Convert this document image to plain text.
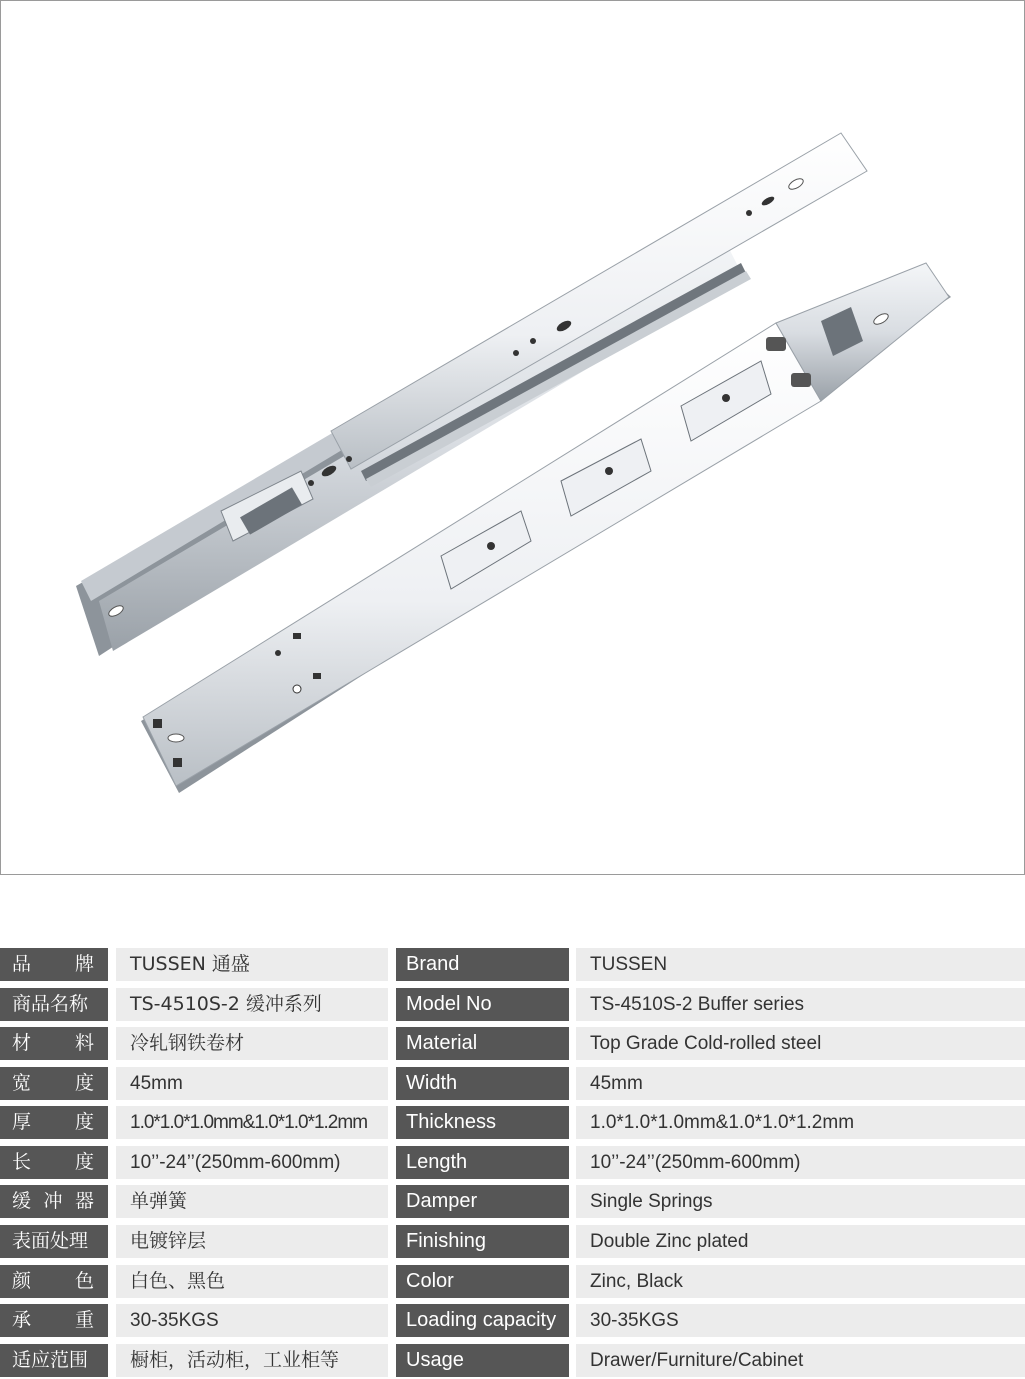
品　　牌	TUSSEN 通盛	Brand	TUSSEN
商品名称	TS-4510S-2 缓冲系列	Model No	TS-4510S-2 Buffer series
材　　料	冷轧钢铁卷材	Material	Top Grade Cold-rolled steel
宽　　度	45mm	Width	45mm
厚　　度	1.0*1.0*1.0mm&1.0*1.0*1.2mm	Thickness	1.0*1.0*1.0mm&1.0*1.0*1.2mm
长　　度	10’’-24’’(250mm-600mm)	Length	10’’-24’’(250mm-600mm)
缓 冲 器	单弹簧	Damper	Single Springs
表面处理	电镀锌层	Finishing	Double Zinc plated
颜　　色	白色、黑色	Color	Zinc, Black
承　　重	30-35KGS	Loading capacity	30-35KGS
适应范围	橱柜，活动柜，工业柜等	Usage	Drawer/Furniture/Cabinet
